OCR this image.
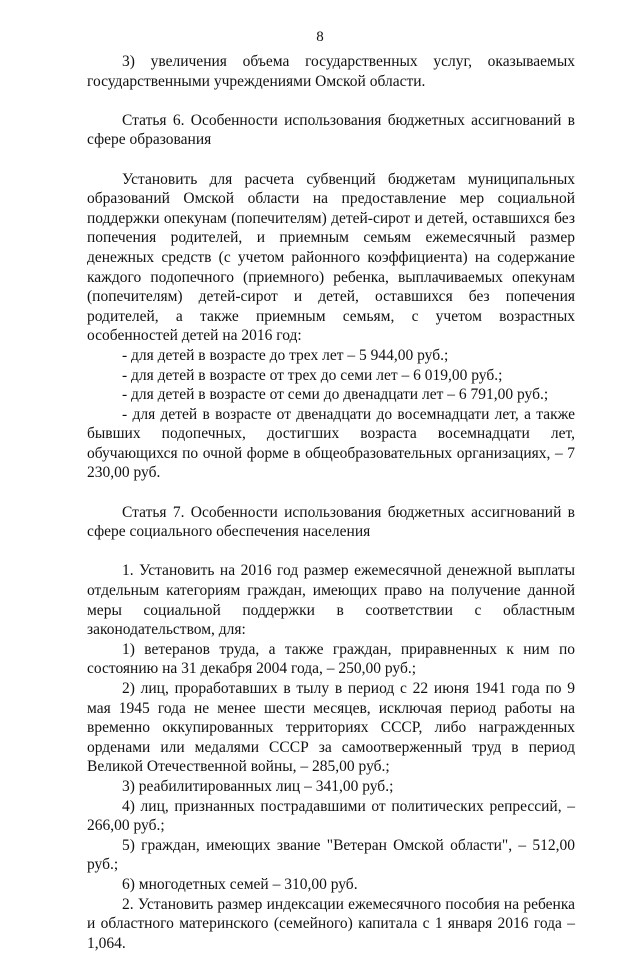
8

3) увеличения объема государственных услуг, оказываемых государственными учреждениями Омской области.

Статья 6. Особенности использования бюджетных ассигнований в сфере образования

Установить для расчета субвенций бюджетам муниципальных образований Омской области на предоставление мер социальной поддержки опекунам (попечителям) детей-сирот и детей, оставшихся без попечения родителей, и приемным семьям ежемесячный размер денежных средств (с учетом районного коэффициента) на содержание каждого подопечного (приемного) ребенка, выплачиваемых опекунам (попечителям) детей-сирот и детей, оставшихся без попечения родителей, а также приемным семьям, с учетом возрастных особенностей детей на 2016 год:

- для детей в возрасте до трех лет – 5 944,00 руб.;

- для детей в возрасте от трех до семи лет – 6 019,00 руб.;

- для детей в возрасте от семи до двенадцати лет – 6 791,00 руб.;

- для детей в возрасте от двенадцати до восемнадцати лет, а также бывших подопечных, достигших возраста восемнадцати лет, обучающихся по очной форме в общеобразовательных организациях, – 7 230,00 руб.

Статья 7. Особенности использования бюджетных ассигнований в сфере социального обеспечения населения

1. Установить на 2016 год размер ежемесячной денежной выплаты отдельным категориям граждан, имеющих право на получение данной меры социальной поддержки в соответствии с областным законодательством, для:

1) ветеранов труда, а также граждан, приравненных к ним по состоянию на 31 декабря 2004 года, – 250,00 руб.;

2) лиц, проработавших в тылу в период с 22 июня 1941 года по 9 мая 1945 года не менее шести месяцев, исключая период работы на временно оккупированных территориях СССР, либо награжденных орденами или медалями СССР за самоотверженный труд в период Великой Отечественной войны, – 285,00 руб.;

3) реабилитированных лиц – 341,00 руб.;

4) лиц, признанных пострадавшими от политических репрессий, – 266,00 руб.;

5) граждан, имеющих звание "Ветеран Омской области", – 512,00 руб.;

6) многодетных семей – 310,00 руб.

2. Установить размер индексации ежемесячного пособия на ребенка и областного материнского (семейного) капитала с 1 января 2016 года – 1,064.
